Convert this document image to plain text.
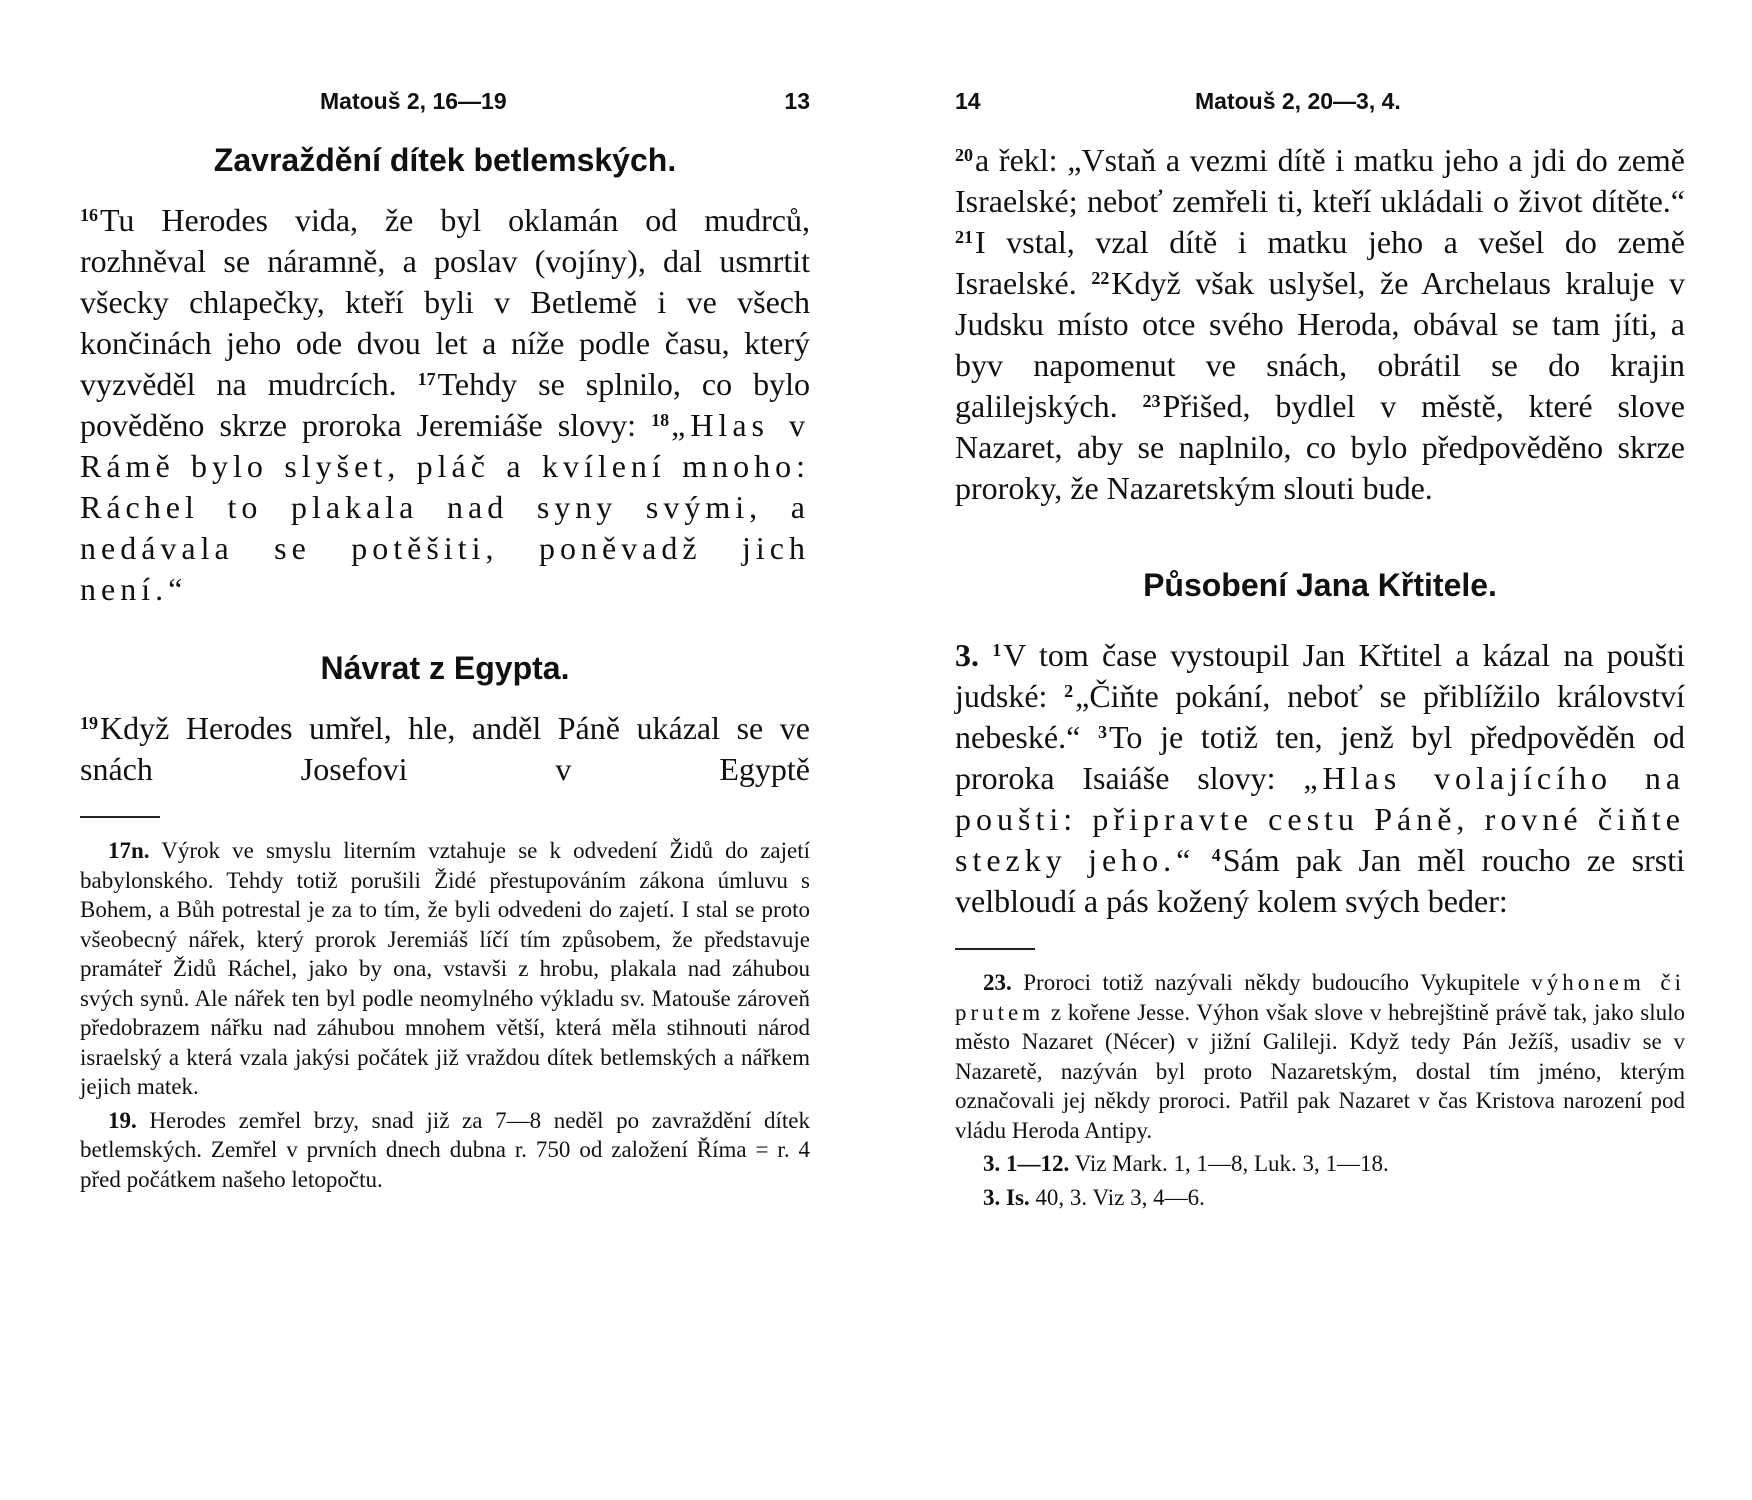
Matouš 2, 16—19	13
Zavraždění dítek betlemských.

$^{16}$Tu Herodes vida, že byl oklamán od mudrců, rozhněval se náramně, a poslav (vojíny), dal usmrtit všecky chlapečky, kteří byli v Betlemě i ve všech končinách jeho ode dvou let a níže podle času, který vyzvěděl na mudrcích. $^{17}$Tehdy se splnilo, co bylo pověděno skrze proroka Jeremiáše slovy: $^{18}$„Hlas v Rámě bylo slyšet, pláč a kvílení mnoho: Ráchel to plakala nad syny svými, a nedávala se potěšiti, poněvadž jich není.“

Návrat z Egypta.

$^{19}$Když Herodes umřel, hle, anděl Páně ukázal se ve snách Josefovi v Egyptě

17n. Výrok ve smyslu literním vztahuje se k odvedení Židů do zajetí babylonského. Tehdy totiž porušili Židé přestupováním zákona úmluvu s Bohem, a Bůh potrestal je za to tím, že byli odvedeni do zajetí. I stal se proto všeobecný nářek, který prorok Jeremiáš líčí tím způsobem, že představuje pramáteř Židů Ráchel, jako by ona, vstavši z hrobu, plakala nad záhubou svých synů. Ale nářek ten byl podle neomylného výkladu sv. Matouše zároveň předobrazem nářku nad záhubou mnohem větší, která měla stihnouti národ israelský a která vzala jakýsi počátek již vraždou dítek betlemských a nářkem jejich matek.

19. Herodes zemřel brzy, snad již za 7—8 neděl po zavraždění dítek betlemských. Zemřel v prvních dnech dubna r. 750 od založení Říma = r. 4 před počátkem našeho letopočtu.

14	Matouš 2, 20—3, 4.

$^{20}$a řekl: „Vstaň a vezmi dítě i matku jeho a jdi do země Israelské; neboť zemřeli ti, kteří ukládali o život dítěte.“ $^{21}$I vstal, vzal dítě i matku jeho a vešel do země Israelské. $^{22}$Když však uslyšel, že Archelaus kraluje v Judsku místo otce svého Heroda, obával se tam jíti, a byv napomenut ve snách, obrátil se do krajin galilejských. $^{23}$Přišed, bydlel v městě, které slove Nazaret, aby se naplnilo, co bylo předpověděno skrze proroky, že Nazaretským slouti bude.

Působení Jana Křtitele.

3. $^1$V tom čase vystoupil Jan Křtitel a kázal na poušti judské: $^2$„Čiňte pokání, neboť se přiblížilo království nebeské.“ $^3$To je totiž ten, jenž byl předpověděn od proroka Isaiáše slovy: „Hlas volajícího na poušti: připravte cestu Páně, rovné čiňte stezky jeho.“ $^4$Sám pak Jan měl roucho ze srsti velbloudí a pás kožený kolem svých beder:

23. Proroci totiž nazývali někdy budoucího Vykupitele výhonem či prutem z kořene Jesse. Výhon však slove v hebrejštině právě tak, jako slulo město Nazaret (Nécer) v jižní Galileji. Když tedy Pán Ježíš, usadiv se v Nazaretě, nazýván byl proto Nazaretským, dostal tím jméno, kterým označovali jej někdy proroci. Patřil pak Nazaret v čas Kristova narození pod vládu Heroda Antipy.

3. 1—12. Viz Mark. 1, 1—8, Luk. 3, 1—18.

3. Is. 40, 3. Viz 3, 4—6.
